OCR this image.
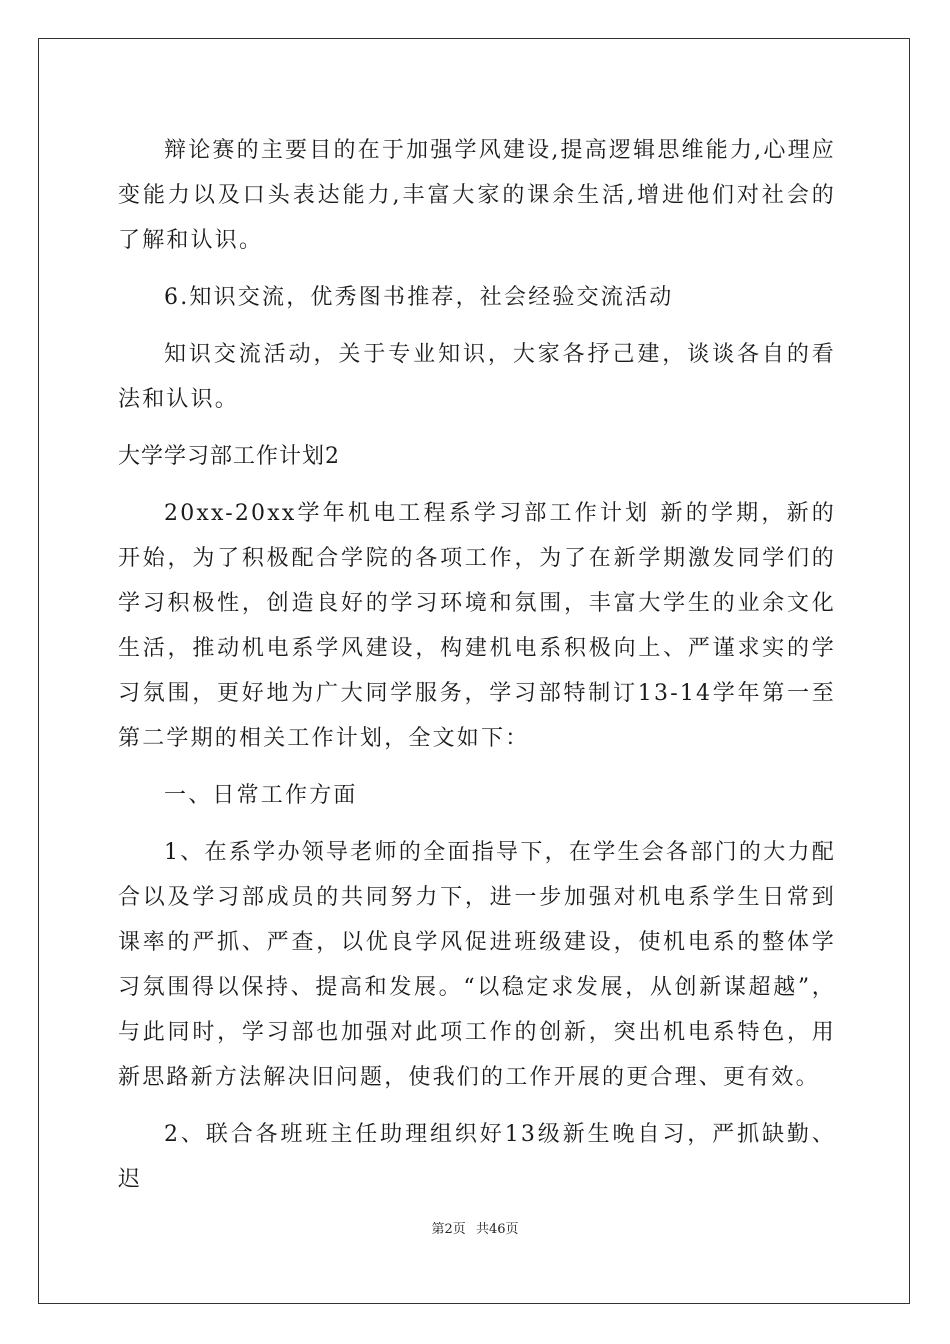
辩论赛的主要目的在于加强学风建设,提高逻辑思维能力,心理应变能力以及口头表达能力,丰富大家的课余生活,增进他们对社会的了解和认识。

6.知识交流，优秀图书推荐，社会经验交流活动

知识交流活动，关于专业知识，大家各抒己建，谈谈各自的看法和认识。

大学学习部工作计划2

20xx-20xx学年机电工程系学习部工作计划 新的学期，新的开始，为了积极配合学院的各项工作，为了在新学期激发同学们的学习积极性，创造良好的学习环境和氛围，丰富大学生的业余文化生活，推动机电系学风建设，构建机电系积极向上、严谨求实的学习氛围，更好地为广大同学服务，学习部特制订13-14学年第一至第二学期的相关工作计划，全文如下：

一、日常工作方面

1、在系学办领导老师的全面指导下，在学生会各部门的大力配合以及学习部成员的共同努力下，进一步加强对机电系学生日常到课率的严抓、严查，以优良学风促进班级建设，使机电系的整体学习氛围得以保持、提高和发展。“以稳定求发展，从创新谋超越”，与此同时，学习部也加强对此项工作的创新，突出机电系特色，用新思路新方法解决旧问题，使我们的工作开展的更合理、更有效。

2、联合各班班主任助理组织好13级新生晚自习，严抓缺勤、迟

第2页 共46页
